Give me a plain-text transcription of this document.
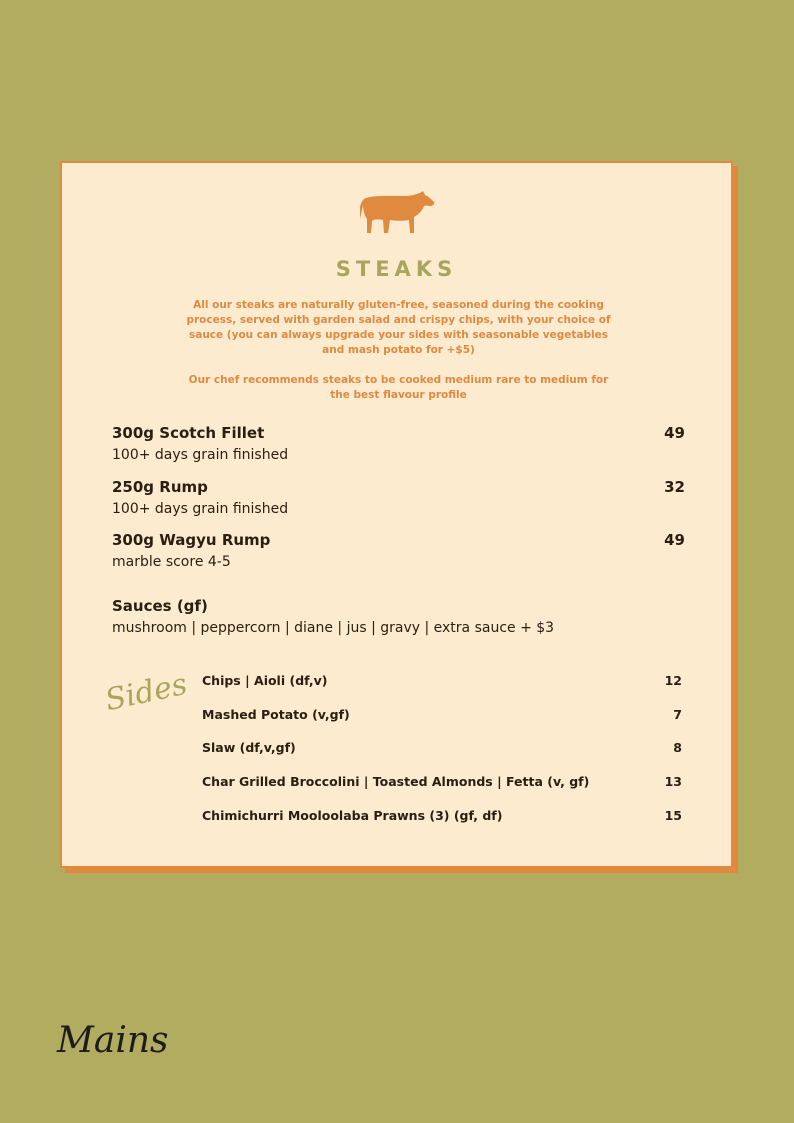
STEAKS
All our steaks are naturally gluten-free, seasoned during the cooking process, served with garden salad and crispy chips, with your choice of sauce (you can always upgrade your sides with seasonable vegetables and mash potato for +$5)
Our chef recommends steaks to be cooked medium rare to medium for the best flavour profile
300g Scotch Fillet	49
100+ days grain finished
250g Rump	32
100+ days grain finished
300g Wagyu Rump	49
marble score 4-5
Sauces (gf)
mushroom | peppercorn | diane | jus | gravy | extra sauce + $3
Sides Chips | Aioli (df,v)	12
Mashed Potato (v,gf)	7
Slaw (df,v,gf)	8
Char Grilled Broccolini | Toasted Almonds | Fetta (v, gf)	13
Chimichurri Mooloolaba Prawns (3) (gf, df)	15
Mains
